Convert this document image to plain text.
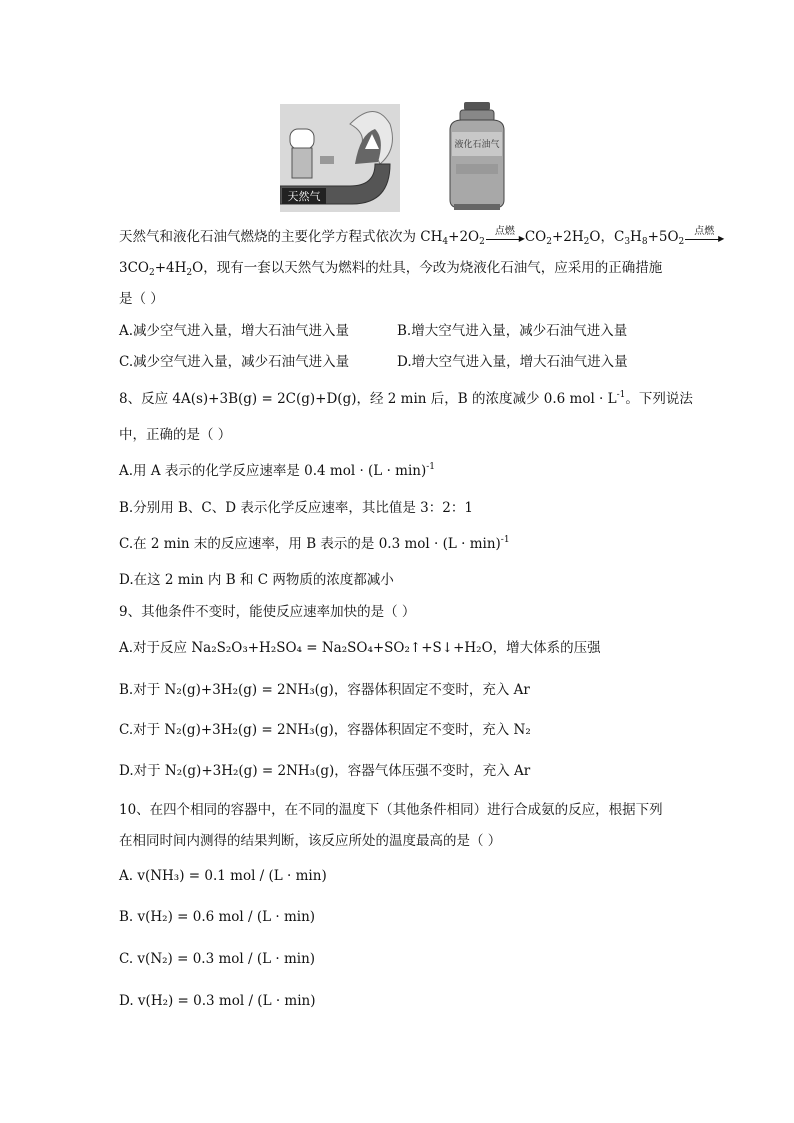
天然气
液化石油气
天然气和液化石油气燃烧的主要化学方程式依次为 $CH_4+2O_2$
点燃
▶ $CO_2+2H_2O$，$C_3H_8+5O_2$
点燃
▶
$3CO_2+4H_2O$，现有一套以天然气为燃料的灶具，今改为烧液化石油气，应采用的正确措施
是（ ）
A.减少空气进入量，增大石油气进入量	B.增大空气进入量，减少石油气进入量
C.减少空气进入量，减少石油气进入量	D.增大空气进入量，增大石油气进入量
8、反应 4A(s)+3B(g) = 2C(g)+D(g)，经 2 min 后，B 的浓度减少 0.6 mol · $L^{-1}$。下列说法
中，正确的是（ ）
A.用 A 表示的化学反应速率是 0.4 mol · $(L \cdot \min)^{-1}$
B.分别用 B、C、D 表示化学反应速率，其比值是 3：2：1
C.在 2 min 末的反应速率，用 B 表示的是 0.3 mol · $(L \cdot \min)^{-1}$
D.在这 2 min 内 B 和 C 两物质的浓度都减小
9、其他条件不变时，能使反应速率加快的是（ ）
A.对于反应 Na₂S₂O₃+H₂SO₄ = Na₂SO₄+SO₂↑+S↓+H₂O，增大体系的压强
B.对于 N₂(g)+3H₂(g) = 2NH₃(g)，容器体积固定不变时，充入 Ar
C.对于 N₂(g)+3H₂(g) = 2NH₃(g)，容器体积固定不变时，充入 N₂
D.对于 N₂(g)+3H₂(g) = 2NH₃(g)，容器气体压强不变时，充入 Ar
10、在四个相同的容器中，在不同的温度下（其他条件相同）进行合成氨的反应，根据下列
在相同时间内测得的结果判断，该反应所处的温度最高的是（ ）
A. v(NH₃) = 0.1 mol / (L · min)
B. v(H₂) = 0.6 mol / (L · min)
C. v(N₂) = 0.3 mol / (L · min)
D. v(H₂) = 0.3 mol / (L · min)
